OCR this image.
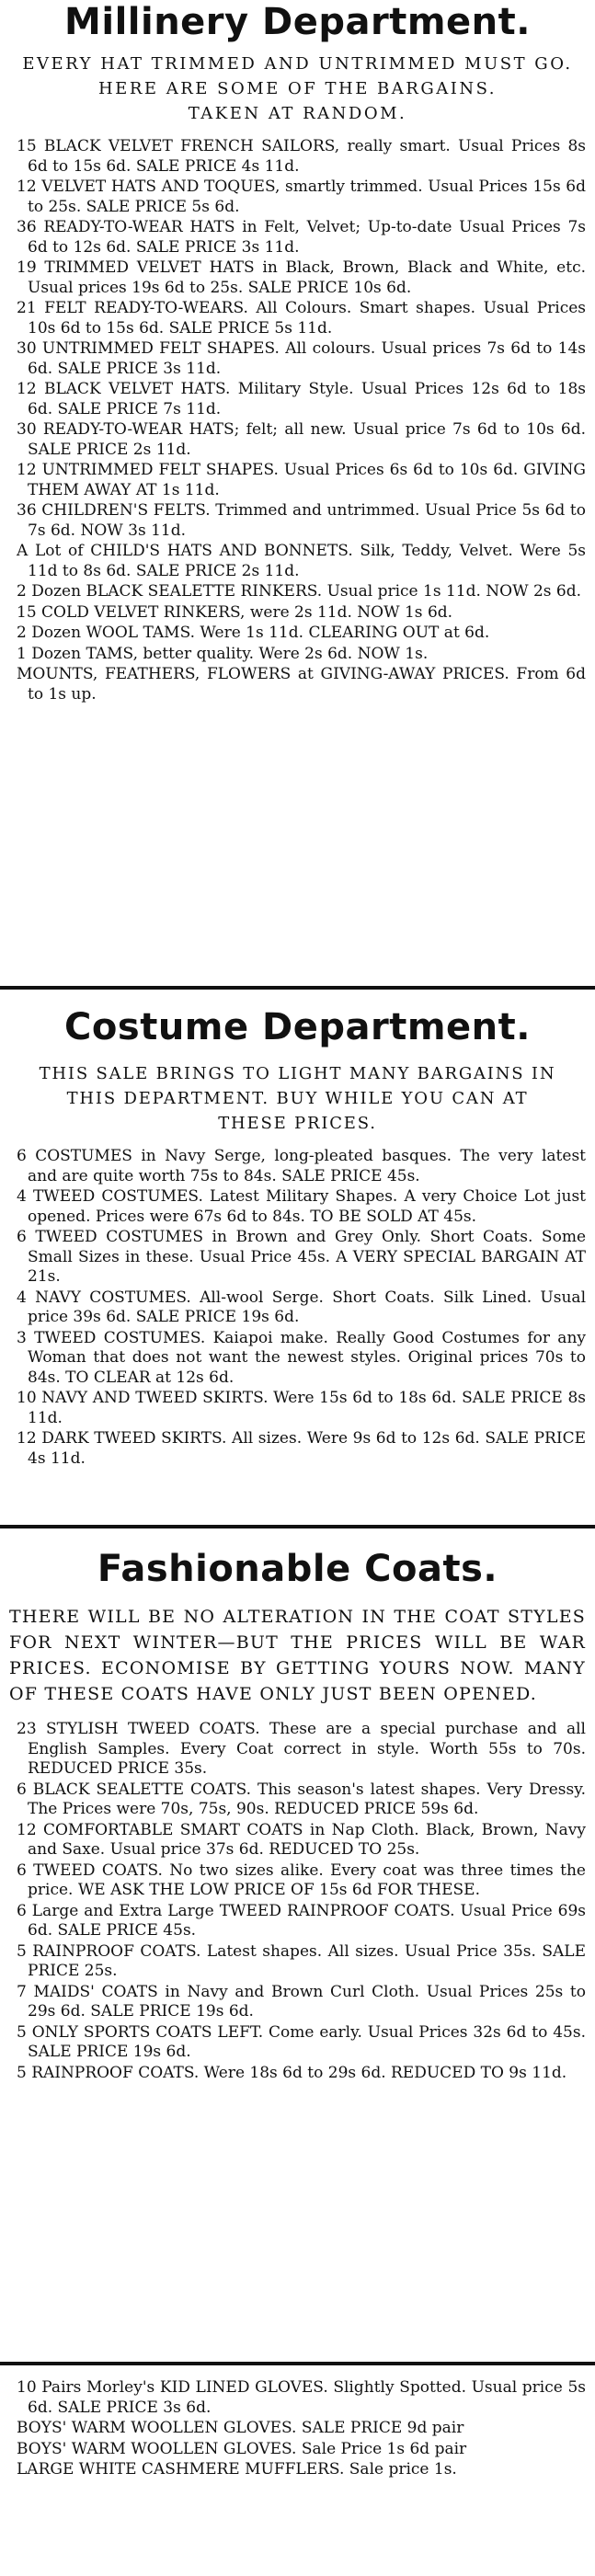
Millinery Department.
EVERY HAT TRIMMED AND UNTRIMMED MUST GO.
HERE ARE SOME OF THE BARGAINS.
TAKEN AT RANDOM.
15 BLACK VELVET FRENCH SAILORS, really smart. Usual Prices 8s 6d to 15s 6d. SALE PRICE 4s 11d.
12 VELVET HATS AND TOQUES, smartly trimmed. Usual Prices 15s 6d to 25s. SALE PRICE 5s 6d.
36 READY-TO-WEAR HATS in Felt, Velvet; Up-to-date Usual Prices 7s 6d to 12s 6d. SALE PRICE 3s 11d.
19 TRIMMED VELVET HATS in Black, Brown, Black and White, etc. Usual prices 19s 6d to 25s. SALE PRICE 10s 6d.
21 FELT READY-TO-WEARS. All Colours. Smart shapes. Usual Prices 10s 6d to 15s 6d. SALE PRICE 5s 11d.
30 UNTRIMMED FELT SHAPES. All colours. Usual prices 7s 6d to 14s 6d. SALE PRICE 3s 11d.
12 BLACK VELVET HATS. Military Style. Usual Prices 12s 6d to 18s 6d. SALE PRICE 7s 11d.
30 READY-TO-WEAR HATS; felt; all new. Usual price 7s 6d to 10s 6d. SALE PRICE 2s 11d.
12 UNTRIMMED FELT SHAPES. Usual Prices 6s 6d to 10s 6d. GIVING THEM AWAY AT 1s 11d.
36 CHILDREN'S FELTS. Trimmed and untrimmed. Usual Price 5s 6d to 7s 6d. NOW 3s 11d.
A Lot of CHILD'S HATS AND BONNETS. Silk, Teddy, Velvet. Were 5s 11d to 8s 6d. SALE PRICE 2s 11d.
2 Dozen BLACK SEALETTE RINKERS. Usual price 1s 11d. NOW 2s 6d.
15 COLD VELVET RINKERS, were 2s 11d. NOW 1s 6d.
2 Dozen WOOL TAMS. Were 1s 11d. CLEARING OUT at 6d.
1 Dozen TAMS, better quality. Were 2s 6d. NOW 1s.
MOUNTS, FEATHERS, FLOWERS at GIVING-AWAY PRICES. From 6d to 1s up.
Costume Department.
THIS SALE BRINGS TO LIGHT MANY BARGAINS IN
THIS DEPARTMENT. BUY WHILE YOU CAN AT
THESE PRICES.
6 COSTUMES in Navy Serge, long-pleated basques. The very latest and are quite worth 75s to 84s. SALE PRICE 45s.
4 TWEED COSTUMES. Latest Military Shapes. A very Choice Lot just opened. Prices were 67s 6d to 84s. TO BE SOLD AT 45s.
6 TWEED COSTUMES in Brown and Grey Only. Short Coats. Some Small Sizes in these. Usual Price 45s. A VERY SPECIAL BARGAIN AT 21s.
4 NAVY COSTUMES. All-wool Serge. Short Coats. Silk Lined. Usual price 39s 6d. SALE PRICE 19s 6d.
3 TWEED COSTUMES. Kaiapoi make. Really Good Costumes for any Woman that does not want the newest styles. Original prices 70s to 84s. TO CLEAR at 12s 6d.
10 NAVY AND TWEED SKIRTS. Were 15s 6d to 18s 6d. SALE PRICE 8s 11d.
12 DARK TWEED SKIRTS. All sizes. Were 9s 6d to 12s 6d. SALE PRICE 4s 11d.
Fashionable Coats.
THERE WILL BE NO ALTERATION IN THE COAT STYLES FOR NEXT WINTER—BUT THE PRICES WILL BE WAR PRICES. ECONOMISE BY GETTING YOURS NOW. MANY OF THESE COATS HAVE ONLY JUST BEEN OPENED.
23 STYLISH TWEED COATS. These are a special purchase and all English Samples. Every Coat correct in style. Worth 55s to 70s. REDUCED PRICE 35s.
6 BLACK SEALETTE COATS. This season's latest shapes. Very Dressy. The Prices were 70s, 75s, 90s. REDUCED PRICE 59s 6d.
12 COMFORTABLE SMART COATS in Nap Cloth. Black, Brown, Navy and Saxe. Usual price 37s 6d. REDUCED TO 25s.
6 TWEED COATS. No two sizes alike. Every coat was three times the price. WE ASK THE LOW PRICE OF 15s 6d FOR THESE.
6 Large and Extra Large TWEED RAINPROOF COATS. Usual Price 69s 6d. SALE PRICE 45s.
5 RAINPROOF COATS. Latest shapes. All sizes. Usual Price 35s. SALE PRICE 25s.
7 MAIDS' COATS in Navy and Brown Curl Cloth. Usual Prices 25s to 29s 6d. SALE PRICE 19s 6d.
5 ONLY SPORTS COATS LEFT. Come early. Usual Prices 32s 6d to 45s. SALE PRICE 19s 6d.
5 RAINPROOF COATS. Were 18s 6d to 29s 6d. REDUCED TO 9s 11d.
10 Pairs Morley's KID LINED GLOVES. Slightly Spotted. Usual price 5s 6d. SALE PRICE 3s 6d.
BOYS' WARM WOOLLEN GLOVES. SALE PRICE 9d pair
BOYS' WARM WOOLLEN GLOVES. Sale Price 1s 6d pair
LARGE WHITE CASHMERE MUFFLERS. Sale price 1s.
